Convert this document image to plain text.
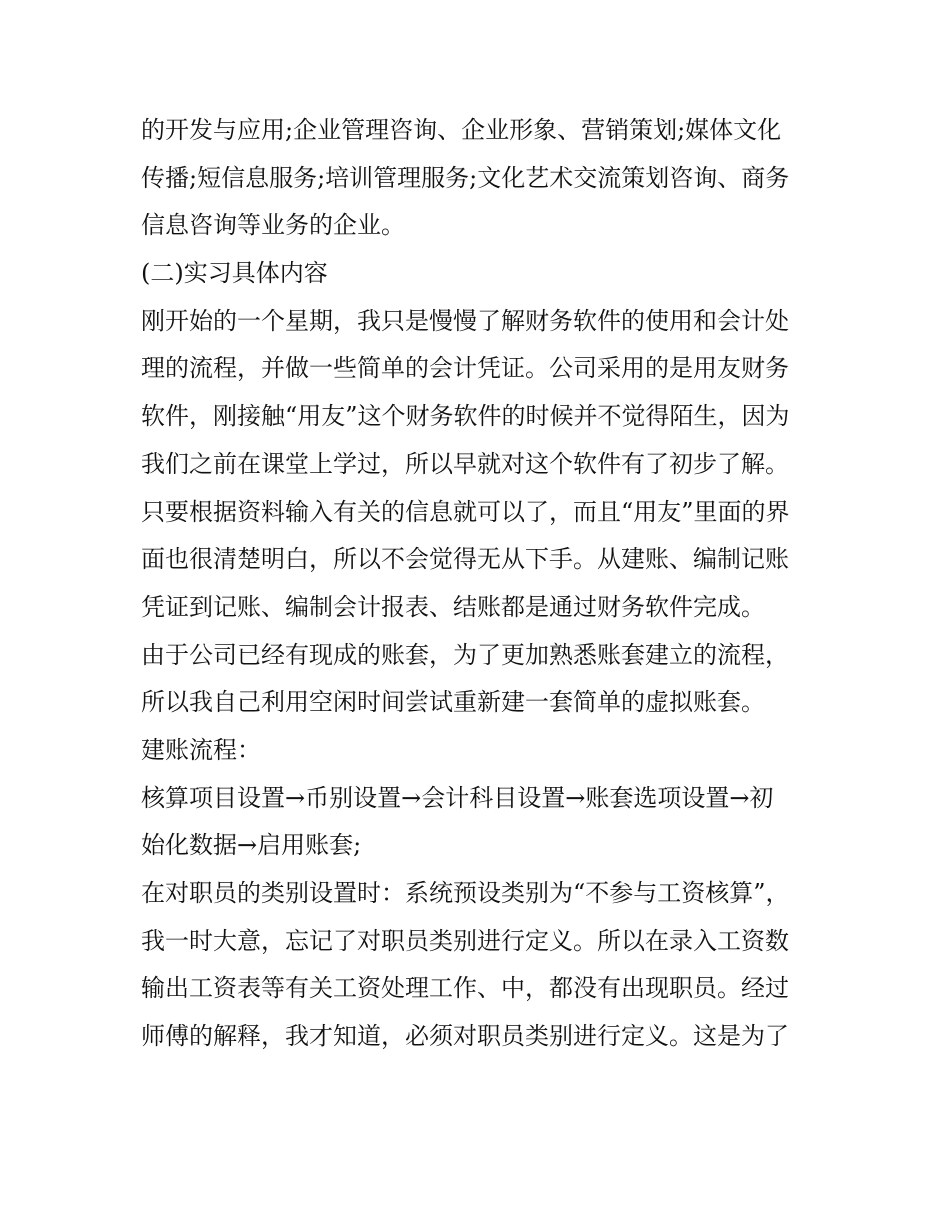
的开发与应用;企业管理咨询、企业形象、营销策划;媒体文化
传播;短信息服务;培训管理服务;文化艺术交流策划咨询、商务
信息咨询等业务的企业。
(二)实习具体内容
刚开始的一个星期，我只是慢慢了解财务软件的使用和会计处
理的流程，并做一些简单的会计凭证。公司采用的是用友财务
软件，刚接触“用友”这个财务软件的时候并不觉得陌生，因为
我们之前在课堂上学过，所以早就对这个软件有了初步了解。
只要根据资料输入有关的信息就可以了，而且“用友”里面的界
面也很清楚明白，所以不会觉得无从下手。从建账、编制记账
凭证到记账、编制会计报表、结账都是通过财务软件完成。
由于公司已经有现成的账套，为了更加熟悉账套建立的流程，
所以我自己利用空闲时间尝试重新建一套简单的虚拟账套。
建账流程：
核算项目设置→币别设置→会计科目设置→账套选项设置→初
始化数据→启用账套;
在对职员的类别设置时：系统预设类别为“不参与工资核算”，
我一时大意，忘记了对职员类别进行定义。所以在录入工资数
输出工资表等有关工资处理工作、中，都没有出现职员。经过
师傅的解释，我才知道，必须对职员类别进行定义。这是为了
